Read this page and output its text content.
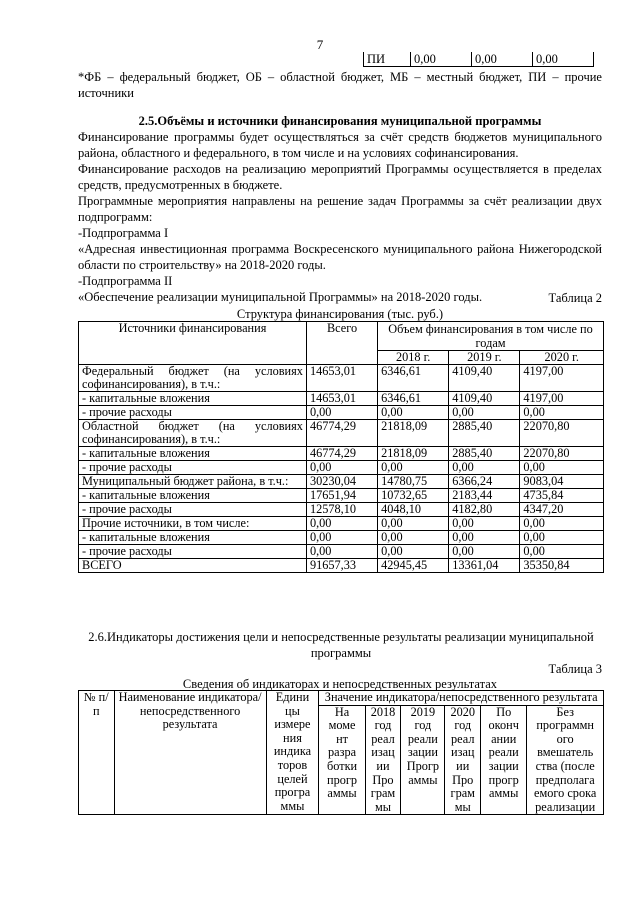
7
ПИ	0,00	0,00	0,00

*ФБ – федеральный бюджет, ОБ – областной бюджет, МБ – местный бюджет, ПИ – прочие источники

2.5.Объёмы и источники финансирования муниципальной программы

Финансирование программы будет осуществляться за счёт средств бюджетов муниципального района, областного и федерального, в том числе и на условиях софинансирования.

Финансирование расходов на реализацию мероприятий Программы осуществляется в пределах средств, предусмотренных в бюджете.

Программные мероприятия направлены на решение задач Программы за счёт реализации двух подпрограмм:

-Подпрограмма I

«Адресная инвестиционная программа Воскресенского муниципального района Нижегородской области по строительству» на 2018-2020 годы.

-Подпрограмма II

«Обеспечение реализации муниципальной Программы» на 2018-2020 годы.	Таблица 2

Структура финансирования (тыс. руб.)

Источники финансирования	Всего	Объем финансирования в том числе по годам		
		2018 г.	2019 г.	2020 г.
Федеральный бюджет (на условиях софинансирования), в т.ч.:	14653,01	6346,61	4109,40	4197,00
- капитальные вложения	14653,01	6346,61	4109,40	4197,00
- прочие расходы	0,00	0,00	0,00	0,00
Областной бюджет (на условиях софинансирования), в т.ч.:	46774,29	21818,09	2885,40	22070,80
- капитальные вложения	46774,29	21818,09	2885,40	22070,80
- прочие расходы	0,00	0,00	0,00	0,00
Муниципальный бюджет района, в т.ч.:	30230,04	14780,75	6366,24	9083,04
- капитальные вложения	17651,94	10732,65	2183,44	4735,84
- прочие расходы	12578,10	4048,10	4182,80	4347,20
Прочие источники, в том числе:	0,00	0,00	0,00	0,00
- капитальные вложения	0,00	0,00	0,00	0,00
- прочие расходы	0,00	0,00	0,00	0,00
ВСЕГО	91657,33	42945,45	13361,04	35350,84

2.6.Индикаторы достижения цели и непосредственные результаты реализации муниципальной программы

Таблица 3

Сведения об индикаторах и непосредственных результатах

№ п/п	Наименование индикатора/ непосредственного результата	Едини цы измере ния индика торов целей програ ммы	Значение индикатора/непосредственного результата					
			На моме нт разра ботки прогр аммы	2018 год реал изац ии Про грам мы	2019 год реали зации Прогр аммы	2020 год реал изац ии Про грам мы	По оконч ании реали зации прогр аммы	Без программн ого вмешатель ства (после предполага емого срока реализации
